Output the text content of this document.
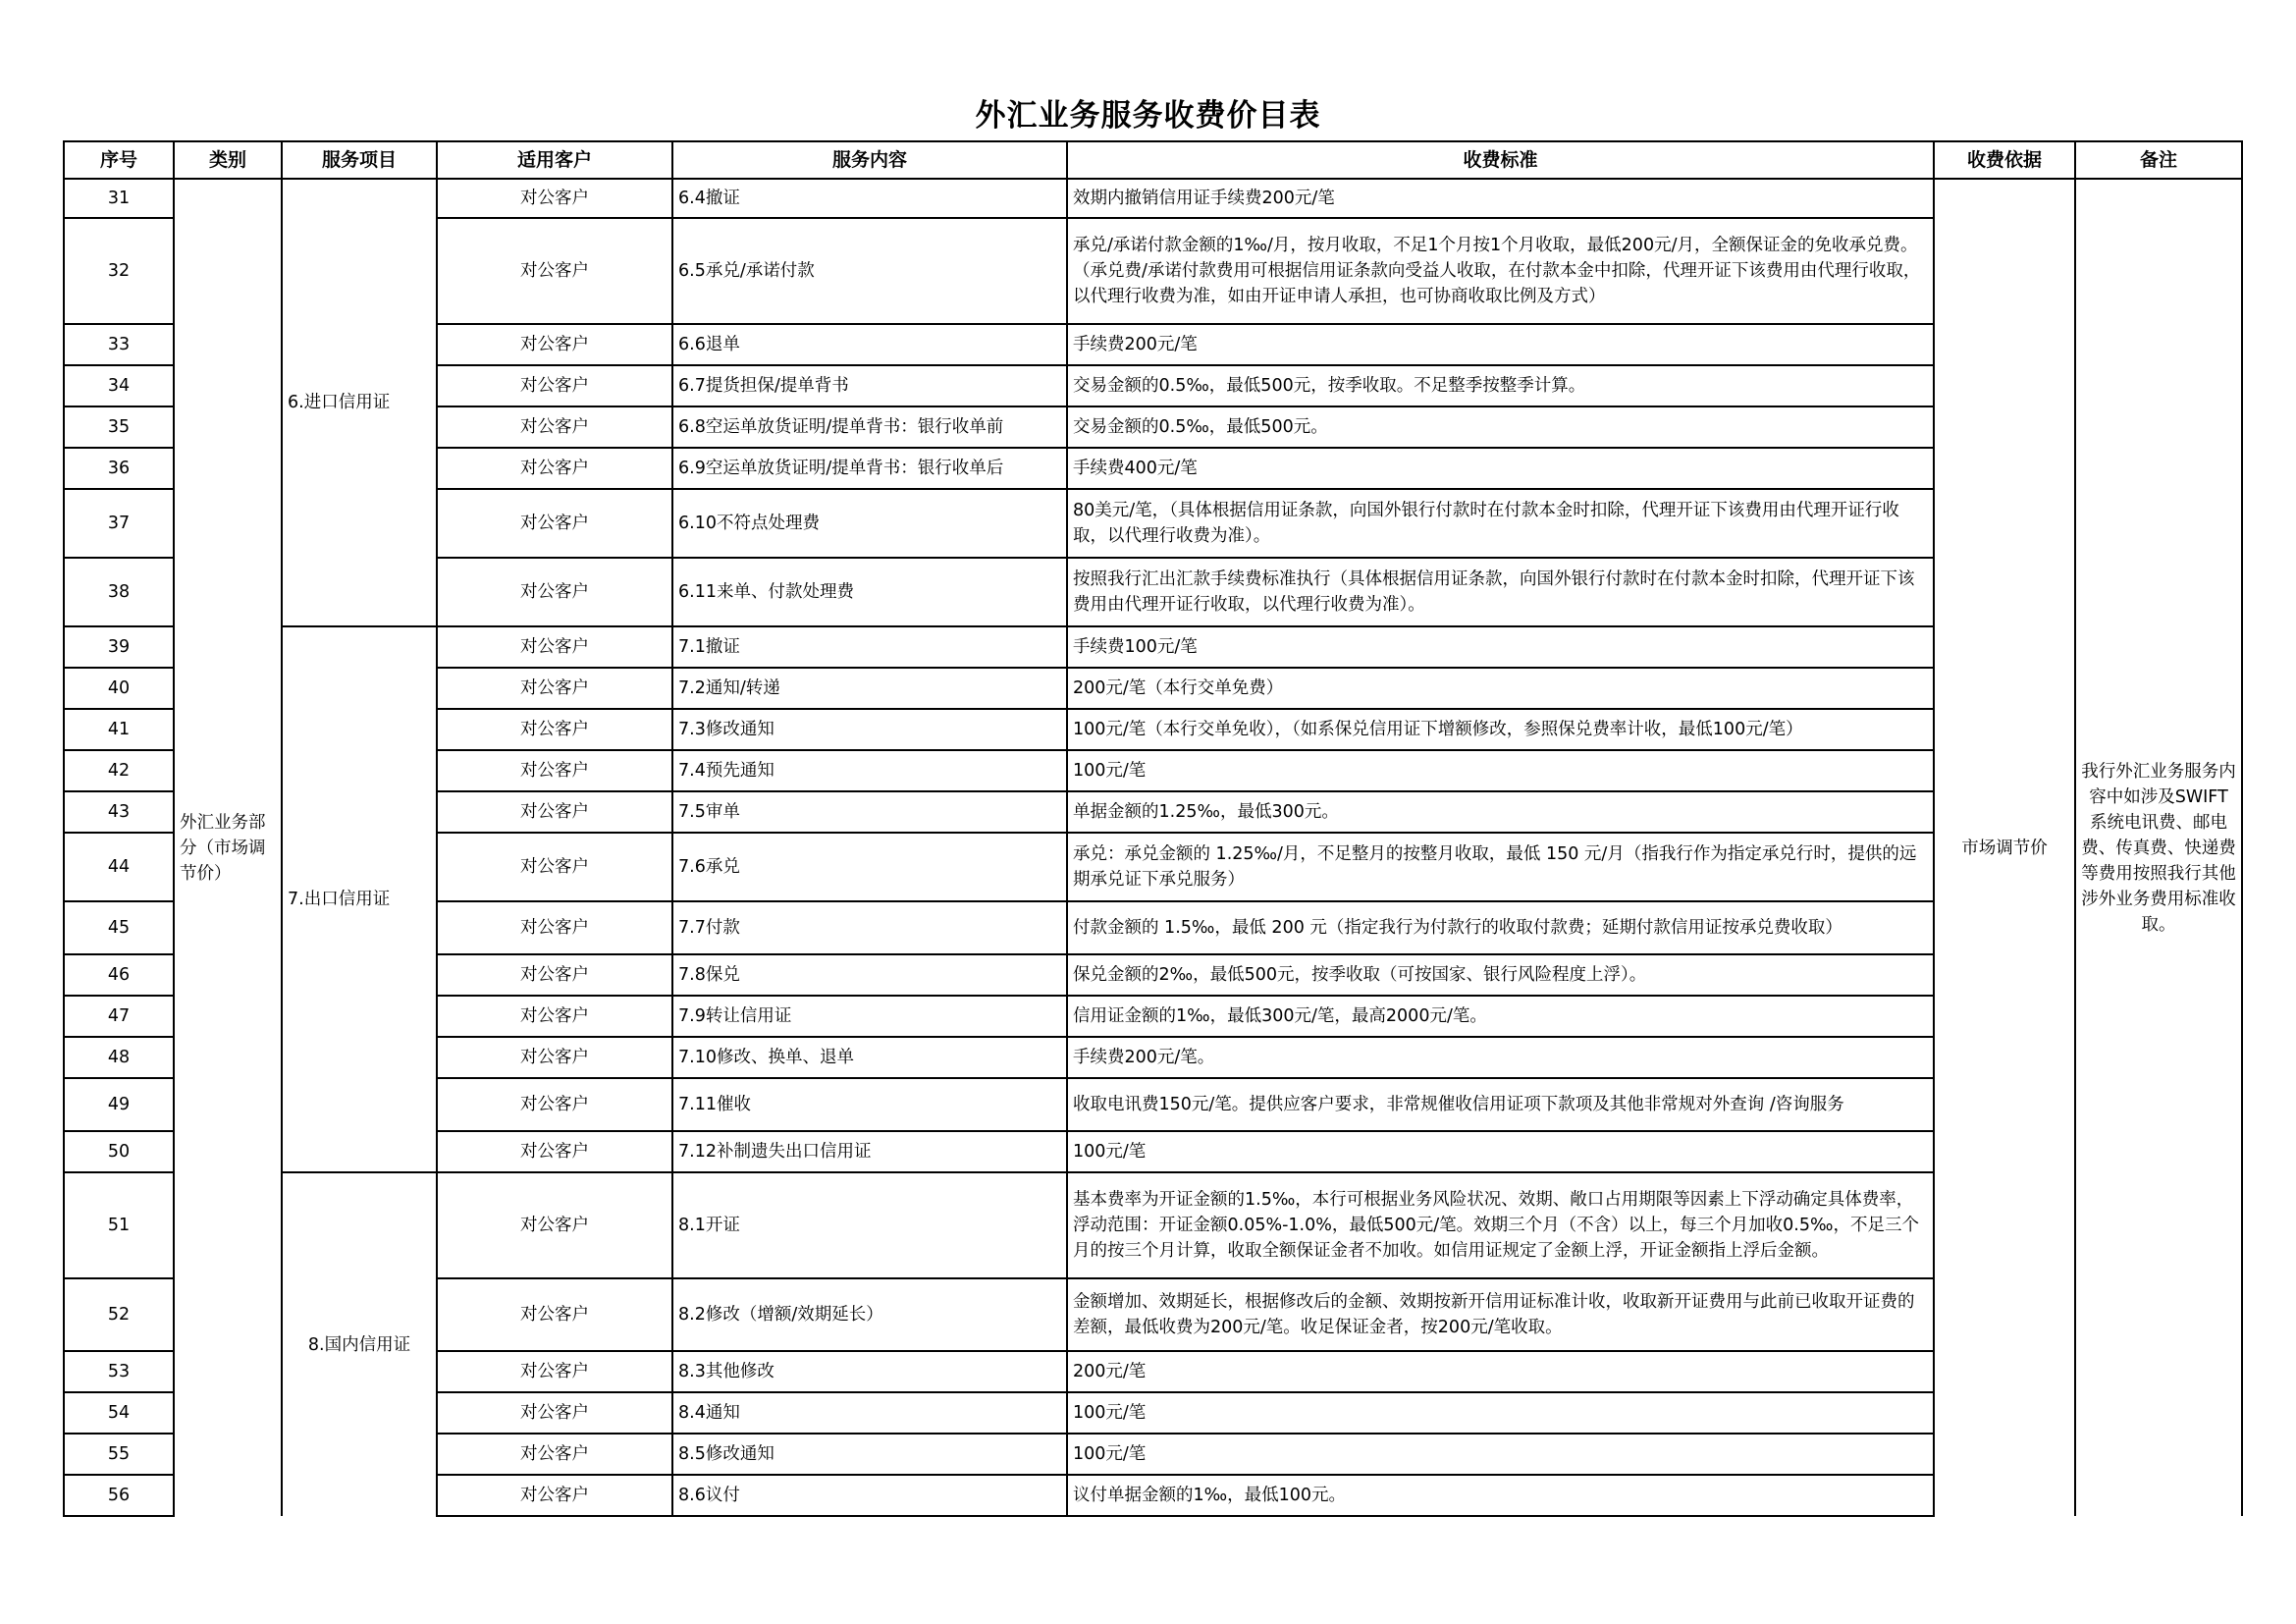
外汇业务服务收费价目表
序号	类别	服务项目	适用客户	服务内容	收费标准	收费依据	备注
31	外汇业务部分（市场调节价）	6.进口信用证	对公客户	6.4撤证	效期内撤销信用证手续费200元/笔	市场调节价	我行外汇业务服务内容中如涉及SWIFT系统电讯费、邮电费、传真费、快递费等费用按照我行其他涉外业务费用标准收取。
32			对公客户	6.5承兑/承诺付款	承兑/承诺付款金额的1‰/月，按月收取，不足1个月按1个月收取，最低200元/月，全额保证金的免收承兑费。（承兑费/承诺付款费用可根据信用证条款向受益人收取，在付款本金中扣除，代理开证下该费用由代理行收取，以代理行收费为准，如由开证申请人承担，也可协商收取比例及方式）		
33			对公客户	6.6退单	手续费200元/笔		
34			对公客户	6.7提货担保/提单背书	交易金额的0.5‰，最低500元，按季收取。不足整季按整季计算。		
35			对公客户	6.8空运单放货证明/提单背书：银行收单前	交易金额的0.5‰，最低500元。		
36			对公客户	6.9空运单放货证明/提单背书：银行收单后	手续费400元/笔		
37			对公客户	6.10不符点处理费	80美元/笔，（具体根据信用证条款，向国外银行付款时在付款本金时扣除，代理开证下该费用由代理开证行收取，以代理行收费为准）。		
38			对公客户	6.11来单、付款处理费	按照我行汇出汇款手续费标准执行（具体根据信用证条款，向国外银行付款时在付款本金时扣除，代理开证下该费用由代理开证行收取，以代理行收费为准）。		
39		7.出口信用证	对公客户	7.1撤证	手续费100元/笔		
40			对公客户	7.2通知/转递	200元/笔（本行交单免费）		
41			对公客户	7.3修改通知	100元/笔（本行交单免收），（如系保兑信用证下增额修改，参照保兑费率计收，最低100元/笔）		
42			对公客户	7.4预先通知	100元/笔		
43			对公客户	7.5审单	单据金额的1.25‰，最低300元。		
44			对公客户	7.6承兑	承兑：承兑金额的 1.25‰/月，不足整月的按整月收取，最低 150 元/月（指我行作为指定承兑行时，提供的远期承兑证下承兑服务）		
45			对公客户	7.7付款	付款金额的 1.5‰，最低 200 元（指定我行为付款行的收取付款费；延期付款信用证按承兑费收取）		
46			对公客户	7.8保兑	保兑金额的2‰，最低500元，按季收取（可按国家、银行风险程度上浮）。		
47			对公客户	7.9转让信用证	信用证金额的1‰，最低300元/笔，最高2000元/笔。		
48			对公客户	7.10修改、换单、退单	手续费200元/笔。		
49			对公客户	7.11催收	收取电讯费150元/笔。提供应客户要求，非常规催收信用证项下款项及其他非常规对外查询 /咨询服务		
50			对公客户	7.12补制遗失出口信用证	100元/笔		
51		8.国内信用证	对公客户	8.1开证	基本费率为开证金额的1.5‰，本行可根据业务风险状况、效期、敞口占用期限等因素上下浮动确定具体费率，浮动范围：开证金额0.05%-1.0%，最低500元/笔。效期三个月（不含）以上，每三个月加收0.5‰，不足三个月的按三个月计算，收取全额保证金者不加收。如信用证规定了金额上浮，开证金额指上浮后金额。		
52			对公客户	8.2修改（增额/效期延长）	金额增加、效期延长，根据修改后的金额、效期按新开信用证标准计收，收取新开证费用与此前已收取开证费的差额，最低收费为200元/笔。收足保证金者，按200元/笔收取。		
53			对公客户	8.3其他修改	200元/笔		
54			对公客户	8.4通知	100元/笔		
55			对公客户	8.5修改通知	100元/笔		
56			对公客户	8.6议付	议付单据金额的1‰，最低100元。		
